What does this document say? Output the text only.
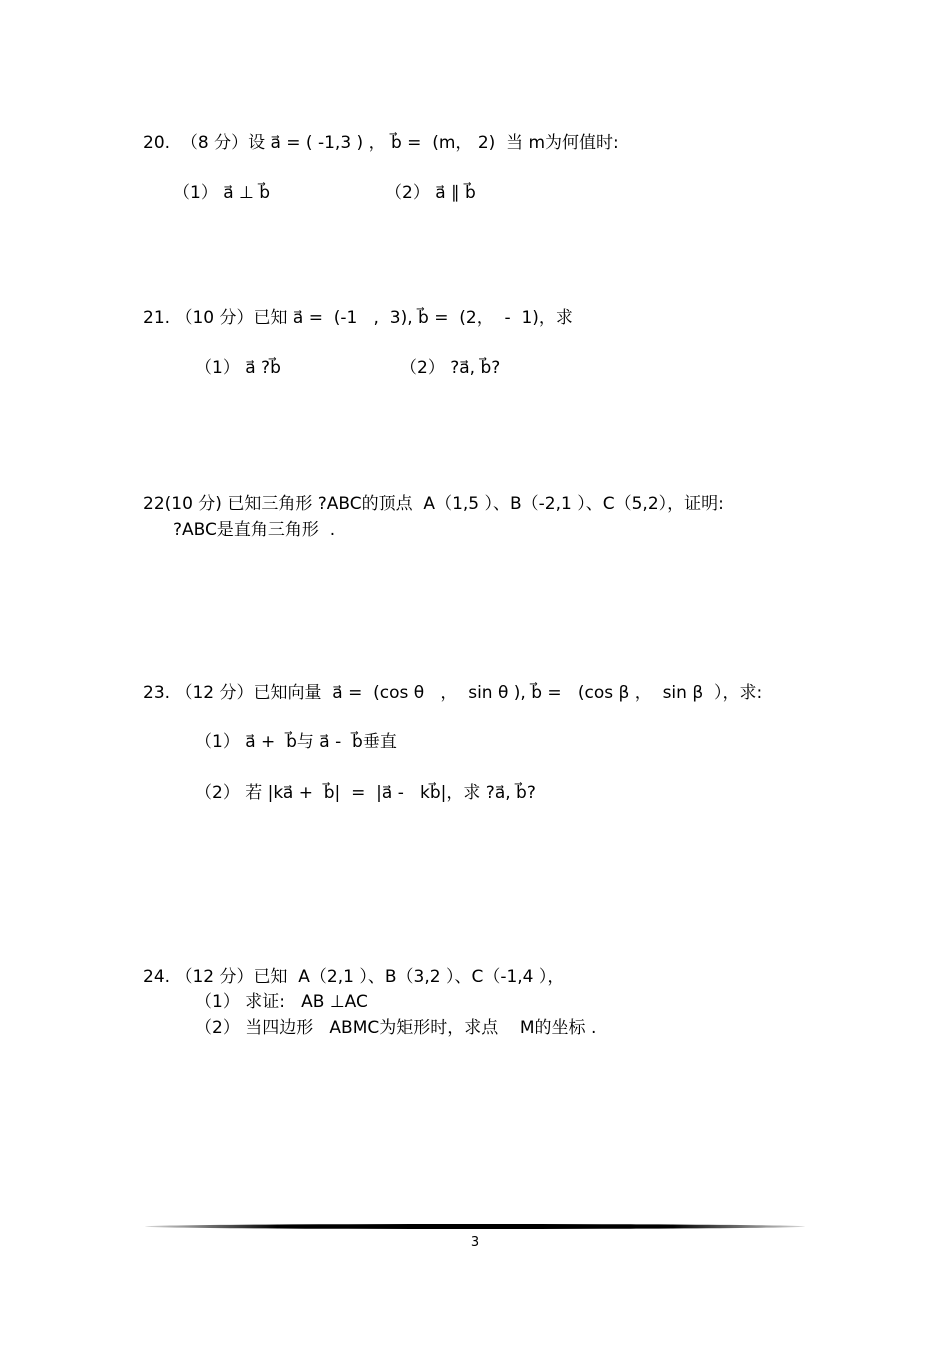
20.  （8 分）设 a⃗ = ( -1,3 ) ， b⃗ =  (m， 2)  当 m为何值时:
（1） a⃗ ⊥ b⃗	（2） a⃗ ∥ b⃗
21. （10 分）已知 a⃗ =  (-1   ,  3), b⃗ =  (2，  -  1)，求
（1） a⃗ ?b⃗	（2） ?a⃗, b⃗?
22(10 分) 已知三角形 ?ABC的顶点  A（1,5 ）、B（-2,1 ）、C（5,2），证明:
?ABC是直角三角形  .
23. （12 分）已知向量  a⃗ =  (cos θ   ，  sin θ ), b⃗ =   (cos β ，  sin β  ），求:
（1） a⃗ +  b⃗与 a⃗ -  b⃗垂直
（2） 若 |ka⃗ +  b⃗|  =  |a⃗ -   kb⃗|，求 ?a⃗, b⃗?
24. （12 分）已知  A（2,1 ）、B（3,2 ）、C（-1,4 ），
（1） 求证:   AB ⊥AC
（2） 当四边形   ABMC为矩形时，求点    M的坐标 .
3
